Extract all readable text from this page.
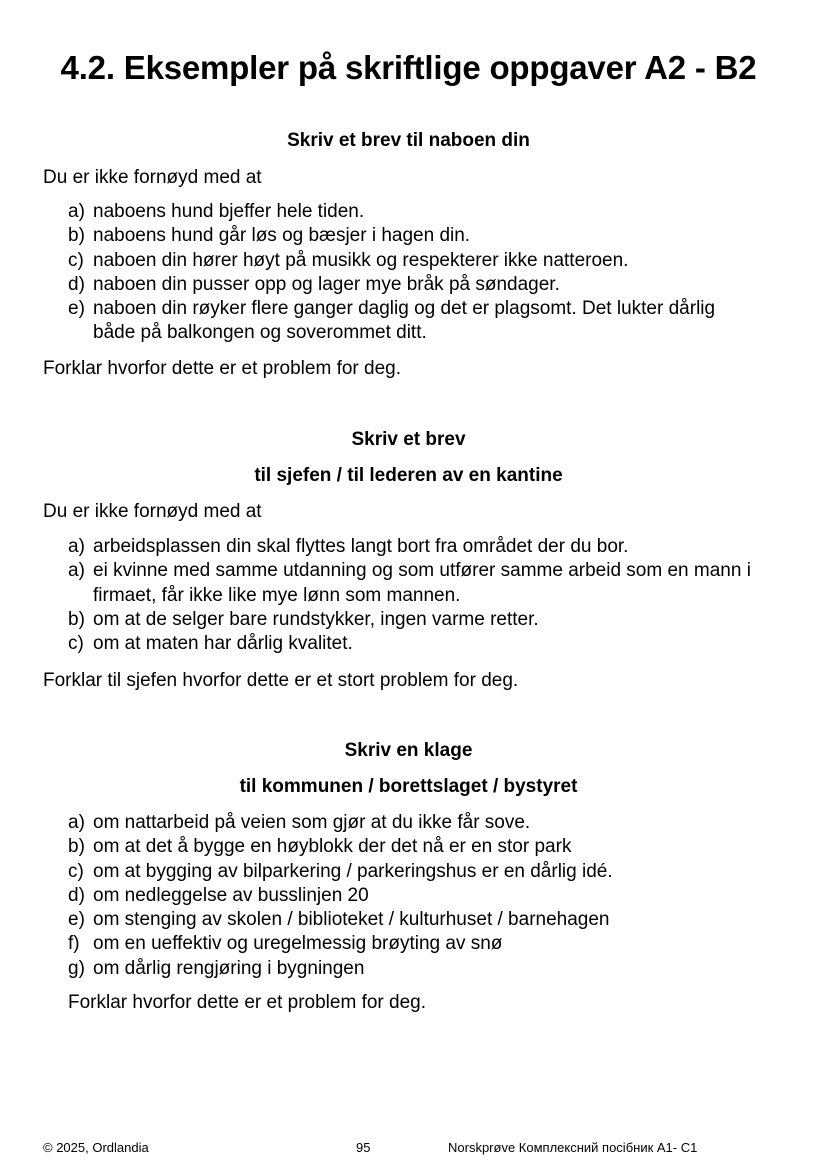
4.2. Eksempler på skriftlige oppgaver A2 - B2
Skriv et brev til naboen din
Du er ikke fornøyd med at
a) naboens hund bjeffer hele tiden.
b) naboens hund går løs og bæsjer i hagen din.
c) naboen din hører høyt på musikk og respekterer ikke natteroen.
d) naboen din pusser opp og lager mye bråk på søndager.
e) naboen din røyker flere ganger daglig og det er plagsomt. Det lukter dårlig både på balkongen og soverommet ditt.
Forklar hvorfor dette er et problem for deg.
Skriv et brev
til sjefen / til lederen av en kantine
Du er ikke fornøyd med at
a) arbeidsplassen din skal flyttes langt bort fra området der du bor.
a) ei kvinne med samme utdanning og som utfører samme arbeid som en mann i firmaet, får ikke like mye lønn som mannen.
b) om at de selger bare rundstykker, ingen varme retter.
c) om at maten har dårlig kvalitet.
Forklar til sjefen hvorfor dette er et stort problem for deg.
Skriv en klage
til kommunen / borettslaget / bystyret
a) om nattarbeid på veien som gjør at du ikke får sove.
b) om at det å bygge en høyblokk der det nå er en stor park
c) om at bygging av bilparkering / parkeringshus er en dårlig idé.
d) om nedleggelse av busslinjen 20
e) om stenging av skolen / biblioteket / kulturhuset / barnehagen
f) om en ueffektiv og uregelmessig brøyting av snø
g) om dårlig rengjøring i bygningen
Forklar hvorfor dette er et problem for deg.
© 2025, Ordlandia	95	Norskprøve Комплексний посібник А1- С1
